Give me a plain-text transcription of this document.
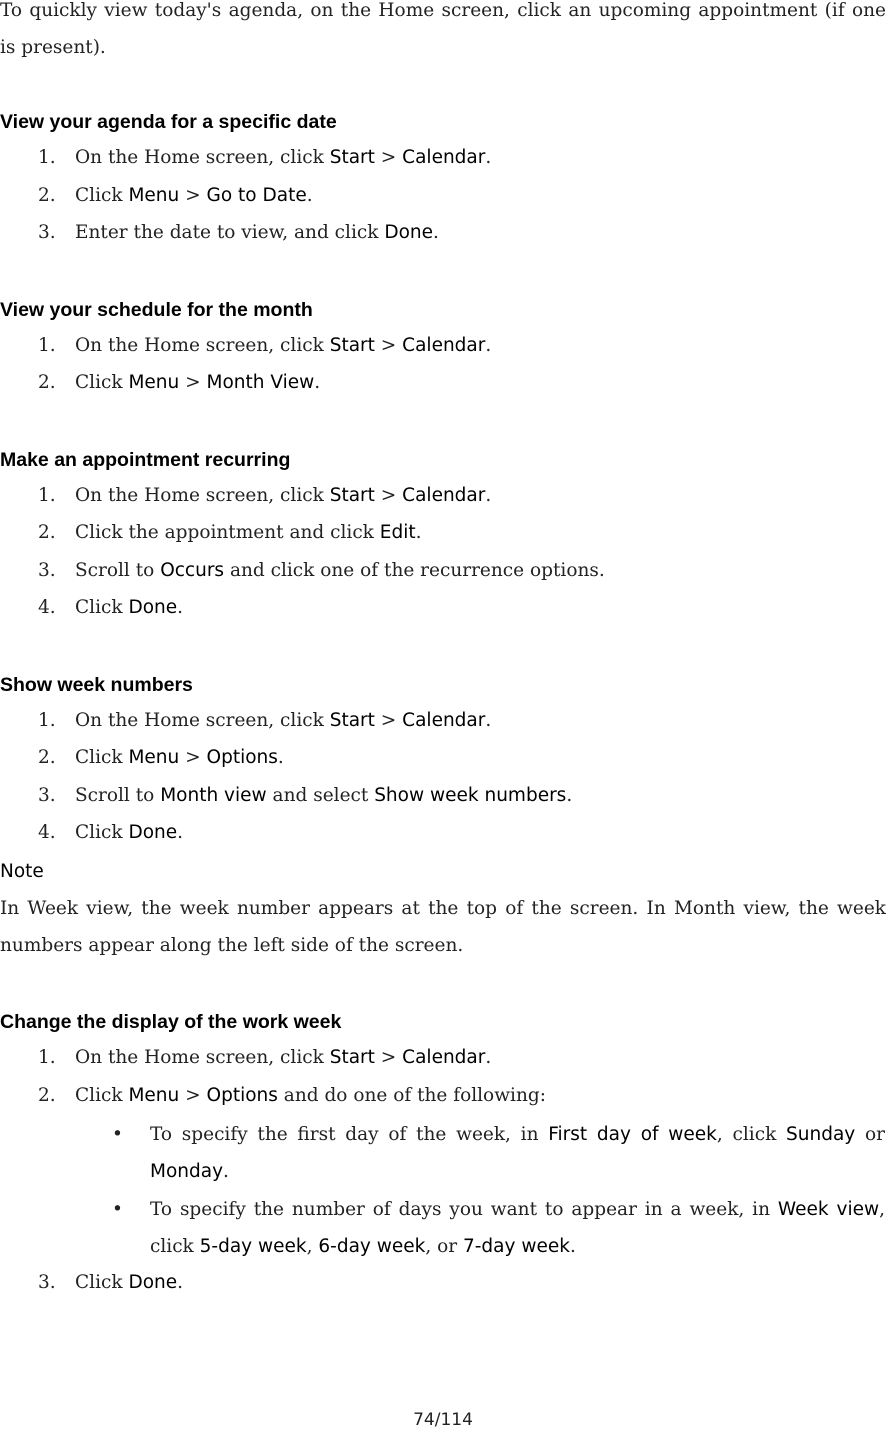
To quickly view today's agenda, on the Home screen, click an upcoming appointment (if one is present).
View your agenda for a specific date
1. On the Home screen, click Start > Calendar.
2. Click Menu > Go to Date.
3. Enter the date to view, and click Done.
View your schedule for the month
1. On the Home screen, click Start > Calendar.
2. Click Menu > Month View.
Make an appointment recurring
1. On the Home screen, click Start > Calendar.
2. Click the appointment and click Edit.
3. Scroll to Occurs and click one of the recurrence options.
4. Click Done.
Show week numbers
1. On the Home screen, click Start > Calendar.
2. Click Menu > Options.
3. Scroll to Month view and select Show week numbers.
4. Click Done.
Note
In Week view, the week number appears at the top of the screen. In Month view, the week numbers appear along the left side of the screen.
Change the display of the work week
1. On the Home screen, click Start > Calendar.
2. Click Menu > Options and do one of the following:
• To specify the first day of the week, in First day of week, click Sunday or Monday.
• To specify the number of days you want to appear in a week, in Week view, click 5-day week, 6-day week, or 7-day week.
3. Click Done.
74/114
